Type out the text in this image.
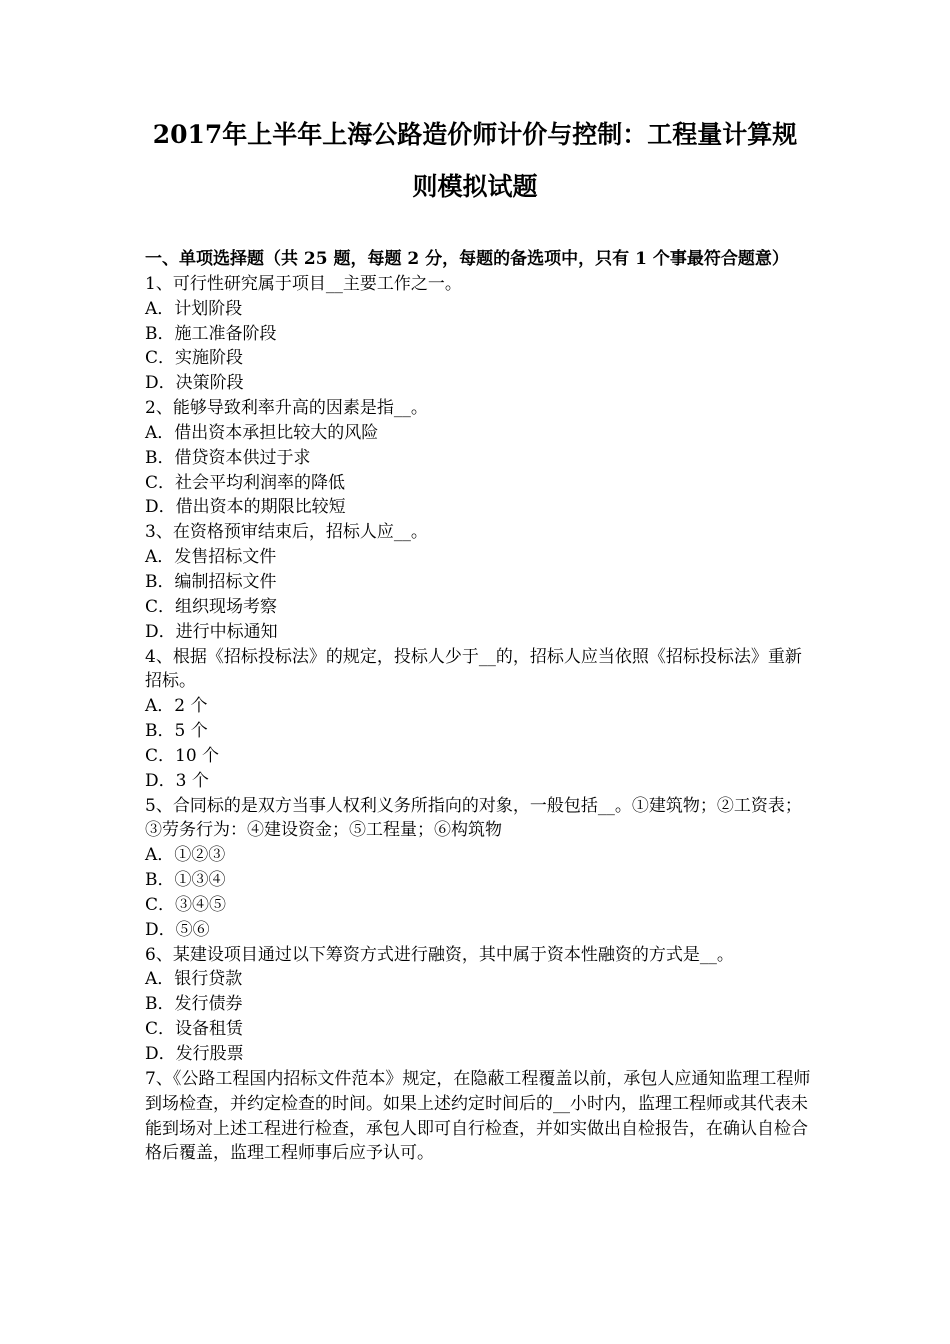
2017年上半年上海公路造价师计价与控制：工程量计算规
则模拟试题

一、单项选择题（共 25 题，每题 2 分，每题的备选项中，只有 1 个事最符合题意）

1、可行性研究属于项目__主要工作之一。

A．计划阶段

B．施工准备阶段

C．实施阶段

D．决策阶段

2、能够导致利率升高的因素是指__。

A．借出资本承担比较大的风险

B．借贷资本供过于求

C．社会平均利润率的降低

D．借出资本的期限比较短

3、在资格预审结束后，招标人应__。

A．发售招标文件

B．编制招标文件

C．组织现场考察

D．进行中标通知

4、根据《招标投标法》的规定，投标人少于__的，招标人应当依照《招标投标法》重新招标。

A．2 个

B．5 个

C．10 个

D．3 个

5、合同标的是双方当事人权利义务所指向的对象，一般包括__。①建筑物；②工资表；③劳务行为：④建设资金；⑤工程量；⑥构筑物

A．①②③

B．①③④

C．③④⑤

D．⑤⑥

6、某建设项目通过以下筹资方式进行融资，其中属于资本性融资的方式是__。

A．银行贷款

B．发行债券

C．设备租赁

D．发行股票

7、《公路工程国内招标文件范本》规定，在隐蔽工程覆盖以前，承包人应通知监理工程师到场检查，并约定检查的时间。如果上述约定时间后的__小时内，监理工程师或其代表未能到场对上述工程进行检查，承包人即可自行检查，并如实做出自检报告，在确认自检合格后覆盖，监理工程师事后应予认可。
